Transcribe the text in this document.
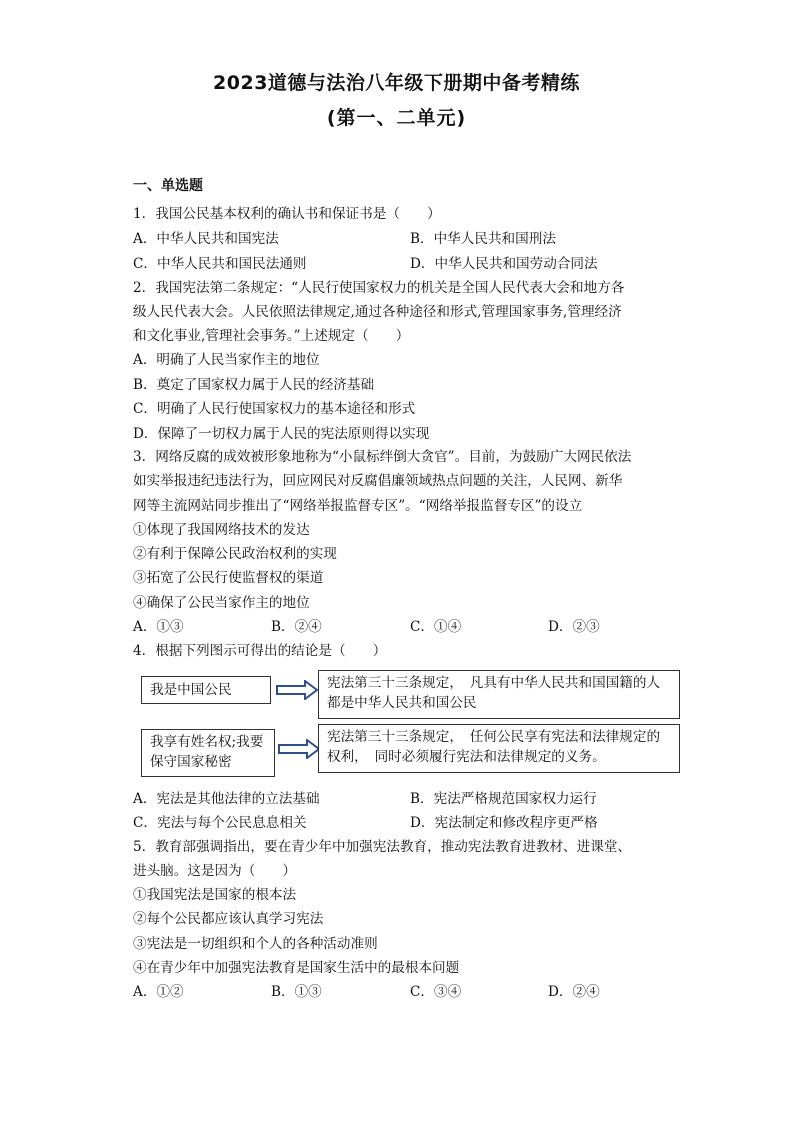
2023道德与法治八年级下册期中备考精练
(第一、二单元)
一、单选题
1．我国公民基本权利的确认书和保证书是（　　）
A．中华人民共和国宪法	B．中华人民共和国刑法
C．中华人民共和国民法通则	D．中华人民共和国劳动合同法
2．我国宪法第二条规定：“人民行使国家权力的机关是全国人民代表大会和地方各
级人民代表大会。人民依照法律规定,通过各种途径和形式,管理国家事务,管理经济
和文化事业,管理社会事务。”上述规定（　　）
A．明确了人民当家作主的地位
B．奠定了国家权力属于人民的经济基础
C．明确了人民行使国家权力的基本途径和形式
D．保障了一切权力属于人民的宪法原则得以实现
3．网络反腐的成效被形象地称为“小鼠标绊倒大贪官”。目前，为鼓励广大网民依法
如实举报违纪违法行为，回应网民对反腐倡廉领域热点问题的关注，人民网、新华
网等主流网站同步推出了“网络举报监督专区”。“网络举报监督专区”的设立
①体现了我国网络技术的发达
②有利于保障公民政治权利的实现
③拓宽了公民行使监督权的渠道
④确保了公民当家作主的地位
A．①③	B．②④	C．①④	D．②③
4．根据下列图示可得出的结论是（　　）
我是中国公民	宪法第三十三条规定，　凡具有中华人民共和国国籍的人都是中华人民共和国公民
我享有姓名权;我要保守国家秘密
宪法第三十三条规定，　任何公民享有宪法和法律规定的权利，　同时必须履行宪法和法律规定的义务。
A．宪法是其他法律的立法基础	B．宪法严格规范国家权力运行
C．宪法与每个公民息息相关	D．宪法制定和修改程序更严格
5．教育部强调指出，要在青少年中加强宪法教育，推动宪法教育进教材、进课堂、
进头脑。这是因为（　　）
①我国宪法是国家的根本法
②每个公民都应该认真学习宪法
③宪法是一切组织和个人的各种活动准则
④在青少年中加强宪法教育是国家生活中的最根本问题
A．①②	B．①③	C．③④	D．②④
